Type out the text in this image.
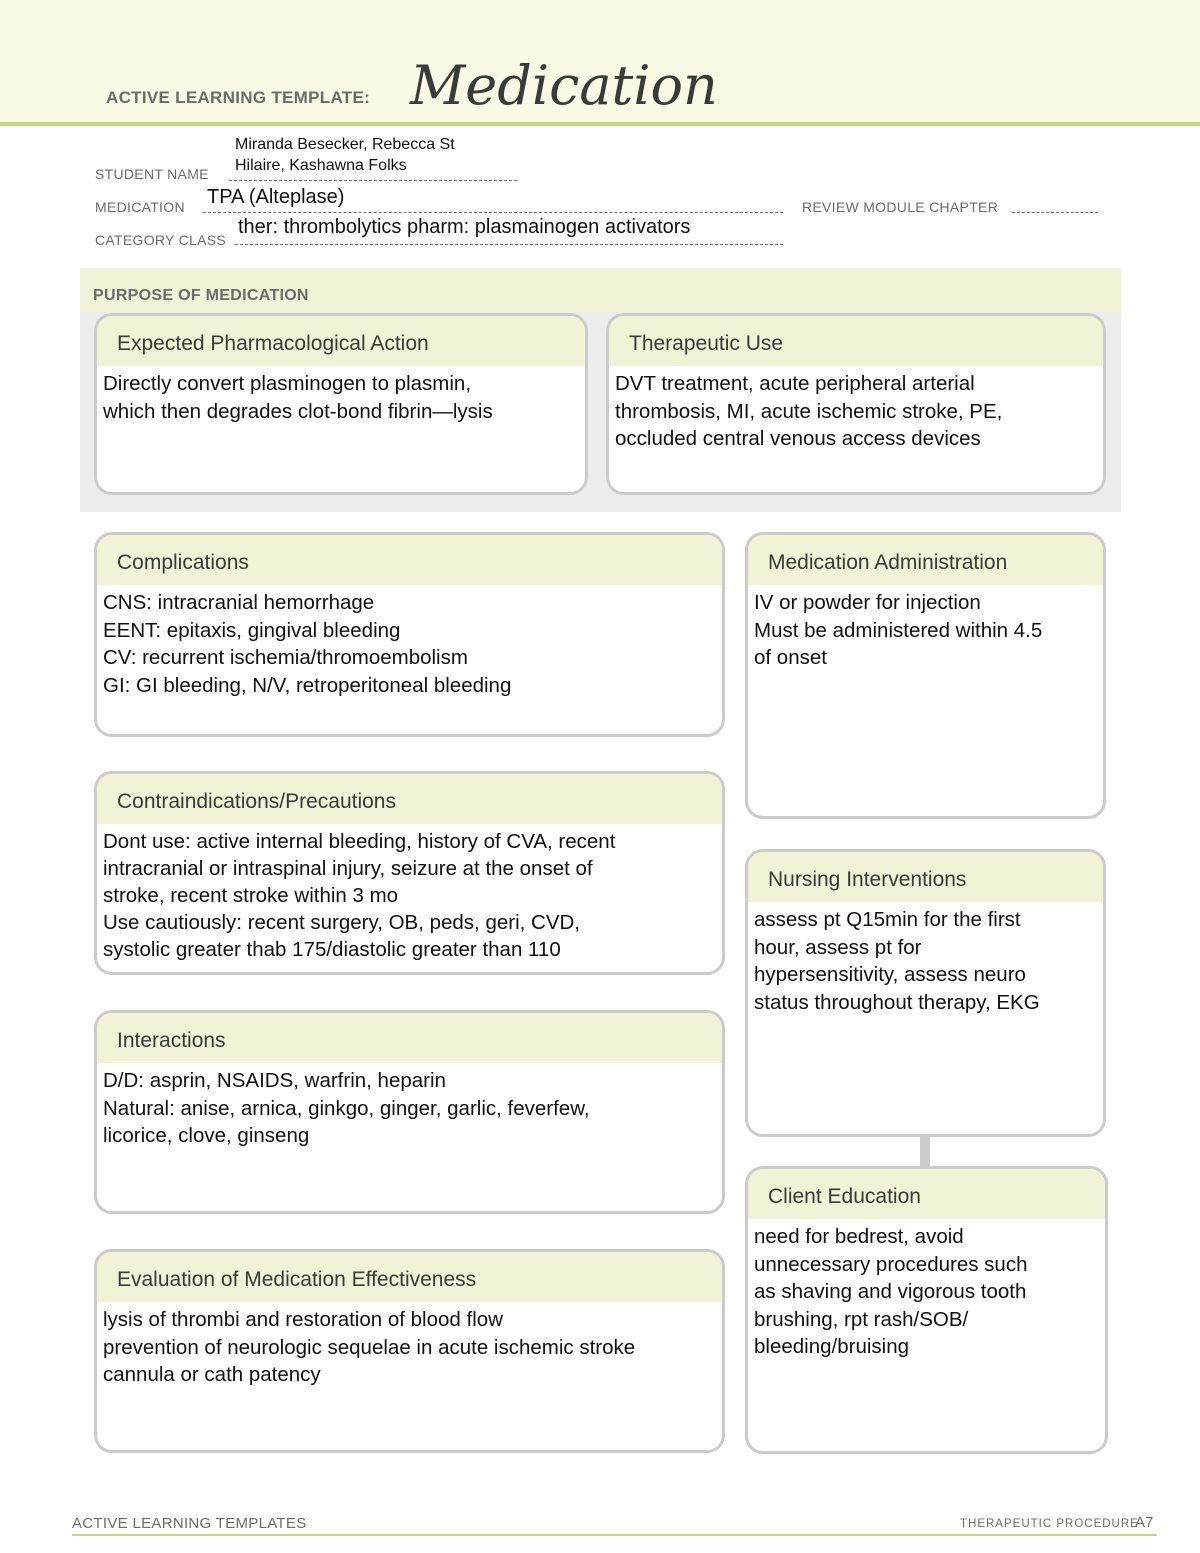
ACTIVE LEARNING TEMPLATE: Medication
STUDENT NAME
Miranda Besecker, Rebecca St
Hilaire, Kashawna Folks
MEDICATION TPA (Alteplase)	REVIEW MODULE CHAPTER
CATEGORY CLASS
ther: thrombolytics pharm: plasmainogen activators
PURPOSE OF MEDICATION
Expected Pharmacological Action
Directly convert plasminogen to plasmin,
which then degrades clot-bond fibrin—lysis
Therapeutic Use
DVT treatment, acute peripheral arterial
thrombosis, MI, acute ischemic stroke, PE,
occluded central venous access devices
Complications
CNS: intracranial hemorrhage
EENT: epitaxis, gingival bleeding
CV: recurrent ischemia/thromoembolism
GI: GI bleeding, N/V, retroperitoneal bleeding
Contraindications/Precautions
Dont use: active internal bleeding, history of CVA, recent
intracranial or intraspinal injury, seizure at the onset of
stroke, recent stroke within 3 mo
Use cautiously: recent surgery, OB, peds, geri, CVD,
systolic greater thab 175/diastolic greater than 110
Interactions
D/D: asprin, NSAIDS, warfrin, heparin
Natural: anise, arnica, ginkgo, ginger, garlic, feverfew,
licorice, clove, ginseng
Evaluation of Medication Effectiveness
lysis of thrombi and restoration of blood flow
prevention of neurologic sequelae in acute ischemic stroke
cannula or cath patency
Medication Administration
IV or powder for injection
Must be administered within 4.5
of onset
Nursing Interventions
assess pt Q15min for the first
hour, assess pt for
hypersensitivity, assess neuro
status throughout therapy, EKG
Client Education
need for bedrest, avoid
unnecessary procedures such
as shaving and vigorous tooth
brushing, rpt rash/SOB/
bleeding/bruising
ACTIVE LEARNING TEMPLATES	THERAPEUTIC PROCEDURE
A7
